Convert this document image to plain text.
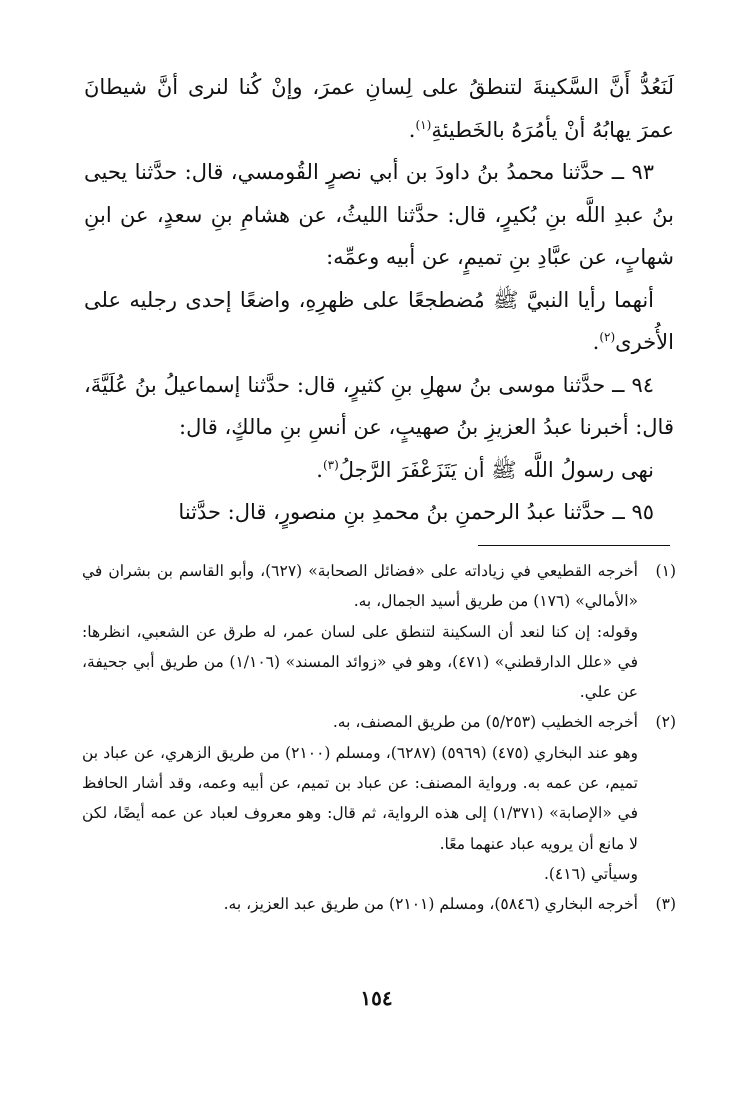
لَنَعُدُّ أَنَّ السَّكينةَ لتنطقُ على لِسانِ عمرَ، وإنْ كُنا لنرى أنَّ شيطانَ عمرَ يهابُهُ أنْ يأمُرَهُ بالخَطيئةِ$^{(١)}$.

٩٣ ــ حدَّثنا محمدُ بنُ داودَ بن أبي نصرٍ القُومسي، قال: حدَّثنا يحيى بنُ عبدِ اللَّه بنِ بُكيرٍ، قال: حدَّثنا الليثُ، عن هشامِ بنِ سعدٍ، عن ابنِ شهابٍ، عن عبَّادِ بنِ تميمٍ، عن أبيه وعمِّه:

أنهما رأيا النبيَّ ﷺ مُضطجعًا على ظهرِهِ، واضعًا إحدى رجليه على الأُخرى$^{(٢)}$.

٩٤ ــ حدَّثنا موسى بنُ سهلِ بنِ كثيرٍ، قال: حدَّثنا إسماعيلُ بنُ عُلَيَّةَ، قال: أخبرنا عبدُ العزيزِ بنُ صهيبٍ، عن أنسِ بنِ مالكٍ، قال:

نهى رسولُ اللَّه ﷺ أن يَتَزَعْفَرَ الرَّجلُ$^{(٣)}$.

٩٥ ــ حدَّثنا عبدُ الرحمنِ بنُ محمدِ بنِ منصورٍ، قال: حدَّثنا

(١)

أخرجه القطيعي في زياداته على «فضائل الصحابة» (٦٢٧)، وأبو القاسم بن بشران في «الأمالي» (١٧٦) من طريق أسيد الجمال، به.

وقوله: إن كنا لنعد أن السكينة لتنطق على لسان عمر، له طرق عن الشعبي، انظرها: في «علل الدارقطني» (٤٧١)، وهو في «زوائد المسند» (١/١٠٦) من طريق أبي جحيفة، عن علي.

(٢)

أخرجه الخطيب (٥/٢٥٣) من طريق المصنف، به.

وهو عند البخاري (٤٧٥) (٥٩٦٩) (٦٢٨٧)، ومسلم (٢١٠٠) من طريق الزهري، عن عباد بن تميم، عن عمه به. ورواية المصنف: عن عباد بن تميم، عن أبيه وعمه، وقد أشار الحافظ في «الإصابة» (١/٣٧١) إلى هذه الرواية، ثم قال: وهو معروف لعباد عن عمه أيضًا، لكن لا مانع أن يرويه عباد عنهما معًا.

وسيأتي (٤١٦).

(٣)

أخرجه البخاري (٥٨٤٦)، ومسلم (٢١٠١) من طريق عبد العزيز، به.

١٥٤
